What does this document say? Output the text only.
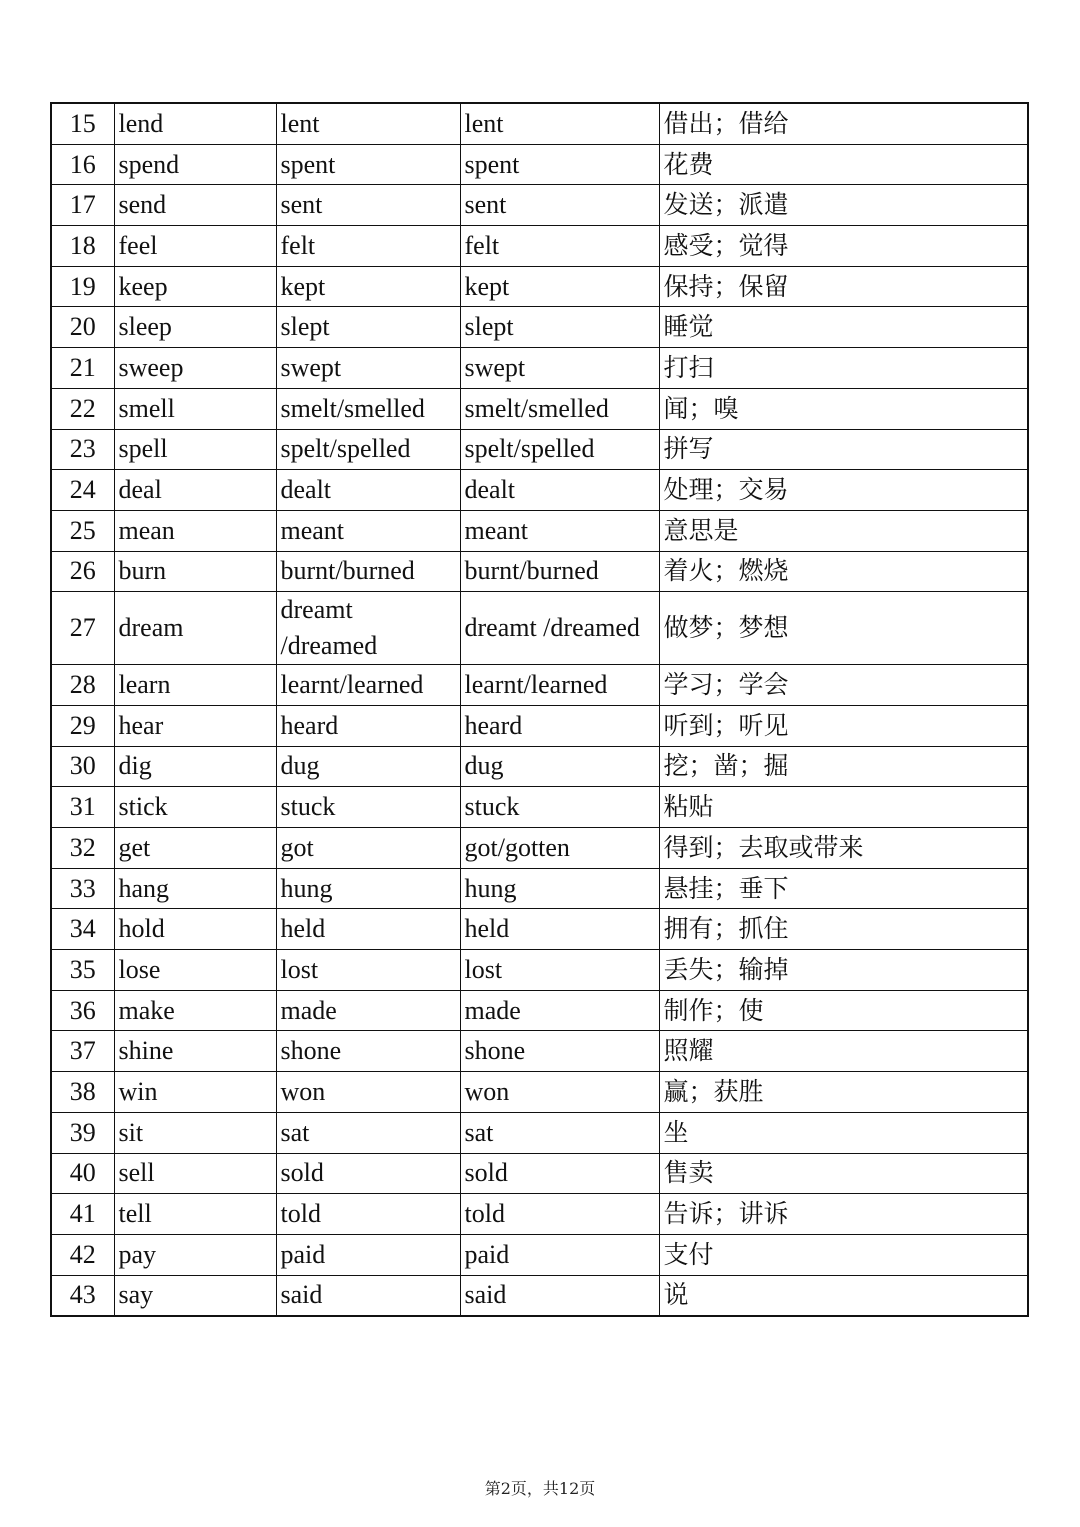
15	lend	lent	lent	借出；借给
16	spend	spent	spent	花费
17	send	sent	sent	发送；派遣
18	feel	felt	felt	感受；觉得
19	keep	kept	kept	保持；保留
20	sleep	slept	slept	睡觉
21	sweep	swept	swept	打扫
22	smell	smelt/smelled	smelt/smelled	闻；嗅
23	spell	spelt/spelled	spelt/spelled	拼写
24	deal	dealt	dealt	处理；交易
25	mean	meant	meant	意思是
26	burn	burnt/burned	burnt/burned	着火；燃烧
27	dream	dreamt /dreamed	dreamt /dreamed	做梦；梦想
28	learn	learnt/learned	learnt/learned	学习；学会
29	hear	heard	heard	听到；听见
30	dig	dug	dug	挖；凿；掘
31	stick	stuck	stuck	粘贴
32	get	got	got/gotten	得到；去取或带来
33	hang	hung	hung	悬挂；垂下
34	hold	held	held	拥有；抓住
35	lose	lost	lost	丢失；输掉
36	make	made	made	制作；使
37	shine	shone	shone	照耀
38	win	won	won	赢；获胜
39	sit	sat	sat	坐
40	sell	sold	sold	售卖
41	tell	told	told	告诉；讲诉
42	pay	paid	paid	支付
43	say	said	said	说
第2页，共12页
